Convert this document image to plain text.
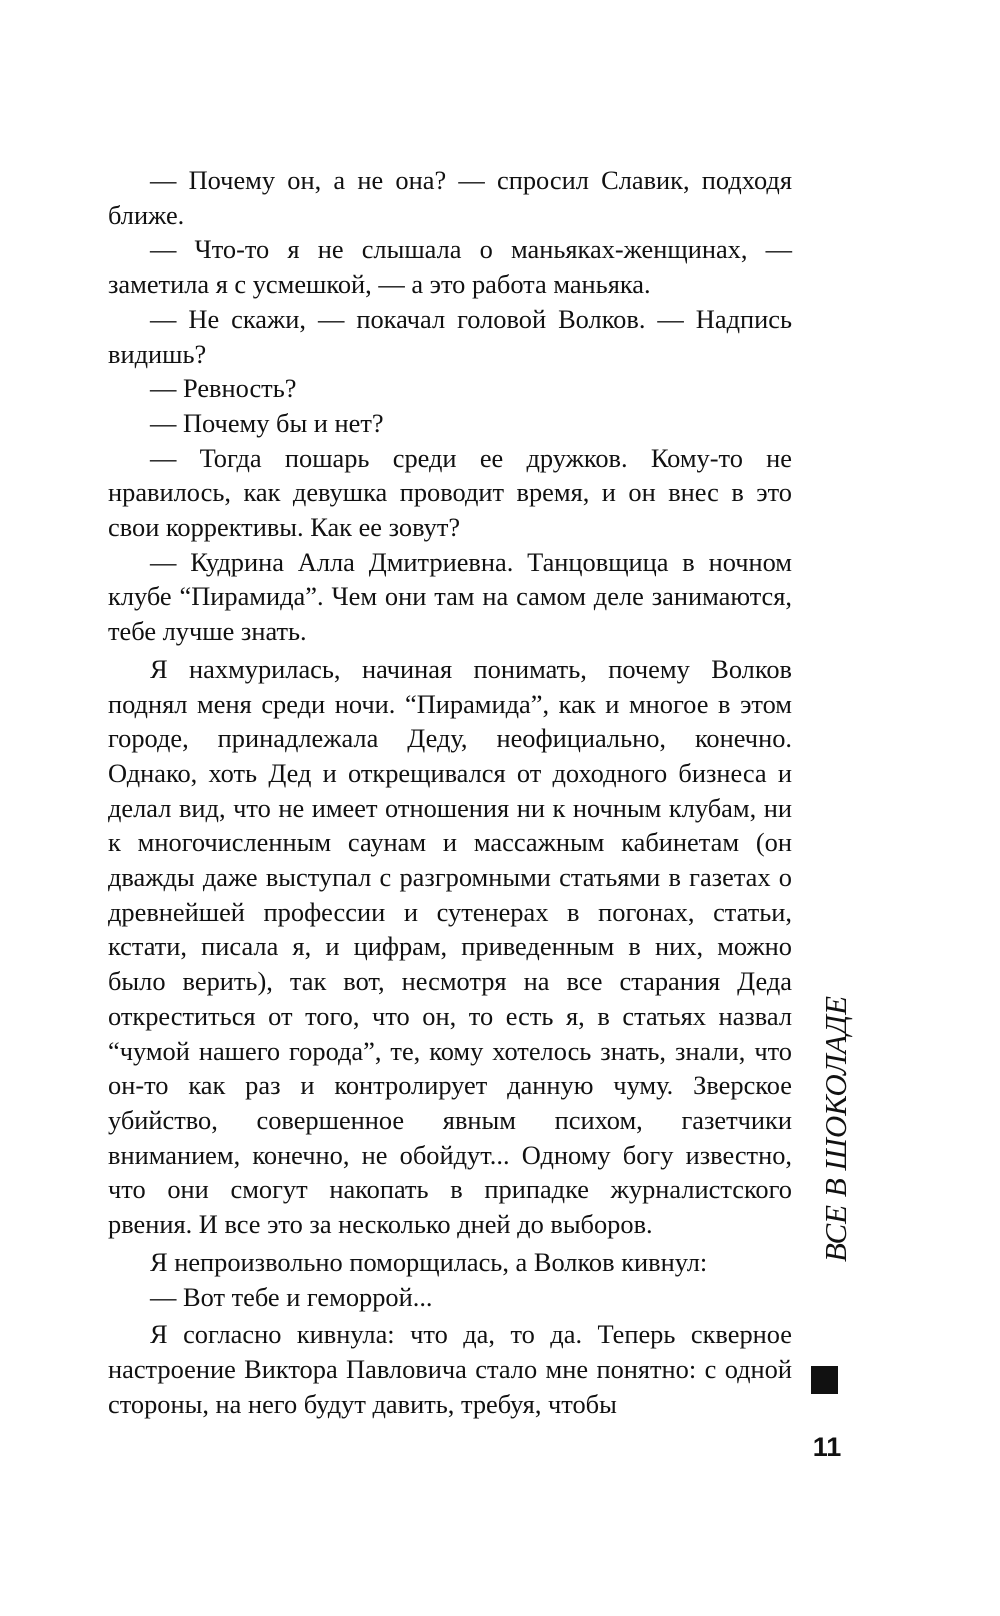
— Почему он, а не она? — спросил Славик, подходя ближе.

— Что-то я не слышала о маньяках-женщинах, — заметила я с усмешкой, — а это работа маньяка.

— Не скажи, — покачал головой Волков. — Надпись видишь?

— Ревность?

— Почему бы и нет?

— Тогда пошарь среди ее дружков. Кому-то не нравилось, как девушка проводит время, и он внес в это свои коррективы. Как ее зовут?

— Кудрина Алла Дмитриевна. Танцовщица в ночном клубе “Пирамида”. Чем они там на самом деле занимаются, тебе лучше знать.

Я нахмурилась, начиная понимать, почему Волков поднял меня среди ночи. “Пирамида”, как и многое в этом городе, принадлежала Деду, неофициально, конечно. Однако, хоть Дед и открещивался от доходного бизнеса и делал вид, что не имеет отношения ни к ночным клубам, ни к многочисленным саунам и массажным кабинетам (он дважды даже выступал с разгромными статьями в газетах о древнейшей профессии и сутенерах в погонах, статьи, кстати, писала я, и цифрам, приведенным в них, можно было верить), так вот, несмотря на все старания Деда откреститься от того, что он, то есть я, в статьях назвал “чумой нашего города”, те, кому хотелось знать, знали, что он-то как раз и контролирует данную чуму. Зверское убийство, совершенное явным психом, газетчики вниманием, конечно, не обойдут... Одному богу известно, что они смогут накопать в припадке журналистского рвения. И все это за несколько дней до выборов.

Я непроизвольно поморщилась, а Волков кивнул:

— Вот тебе и геморрой...

Я согласно кивнула: что да, то да. Теперь скверное настроение Виктора Павловича стало мне понятно: с одной стороны, на него будут давить, требуя, чтобы

ВСЕ В ШОКОЛАДЕ
11
